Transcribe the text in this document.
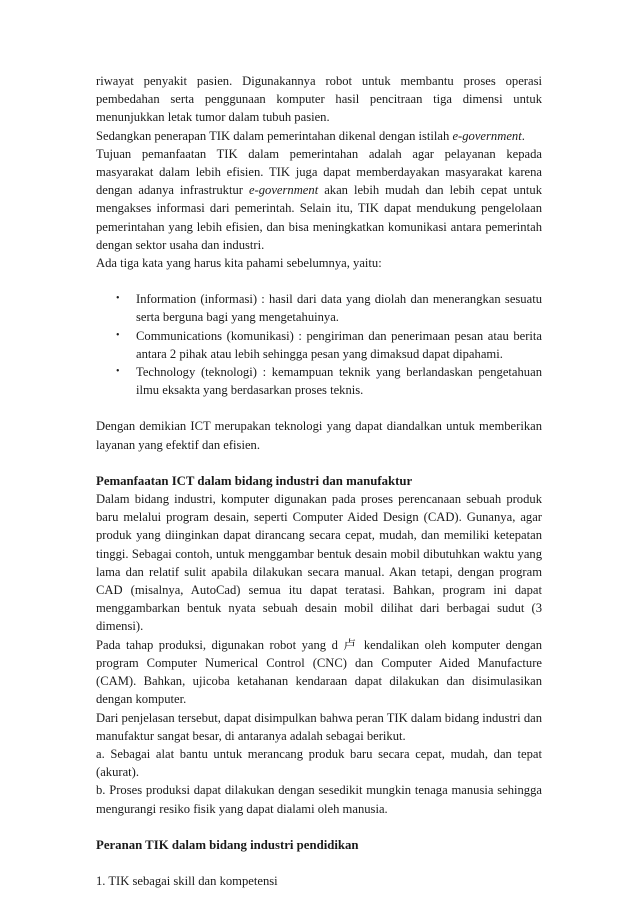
riwayat penyakit pasien. Digunakannya robot untuk membantu proses operasi pembedahan serta penggunaan komputer hasil pencitraan tiga dimensi untuk menunjukkan letak tumor dalam tubuh pasien.

Sedangkan penerapan TIK dalam pemerintahan dikenal dengan istilah e-government.

Tujuan pemanfaatan TIK dalam pemerintahan adalah agar pelayanan kepada masyarakat dalam lebih efisien. TIK juga dapat memberdayakan masyarakat karena dengan adanya infrastruktur e-government akan lebih mudah dan lebih cepat untuk mengakses informasi dari pemerintah. Selain itu, TIK dapat mendukung pengelolaan pemerintahan yang lebih efisien, dan bisa meningkatkan komunikasi antara pemerintah dengan sektor usaha dan industri.

Ada tiga kata yang harus kita pahami sebelumnya, yaitu:

• Information (informasi) : hasil dari data yang diolah dan menerangkan sesuatu serta berguna bagi yang mengetahuinya.
• Communications (komunikasi) : pengiriman dan penerimaan pesan atau berita antara 2 pihak atau lebih sehingga pesan yang dimaksud dapat dipahami.
• Technology (teknologi) : kemampuan teknik yang berlandaskan pengetahuan ilmu eksakta yang berdasarkan proses teknis.

Dengan demikian ICT merupakan teknologi yang dapat diandalkan untuk memberikan layanan yang efektif dan efisien.

Pemanfaatan ICT dalam bidang industri dan manufaktur

Dalam bidang industri, komputer digunakan pada proses perencanaan sebuah produk baru melalui program desain, seperti Computer Aided Design (CAD). Gunanya, agar produk yang diinginkan dapat dirancang secara cepat, mudah, dan memiliki ketepatan tinggi. Sebagai contoh, untuk menggambar bentuk desain mobil dibutuhkan waktu yang lama dan relatif sulit apabila dilakukan secara manual. Akan tetapi, dengan program CAD (misalnya, AutoCad) semua itu dapat teratasi. Bahkan, program ini dapat menggambarkan bentuk nyata sebuah desain mobil dilihat dari berbagai sudut (3 dimensi).

Pada tahap produksi, digunakan robot yang d 卢 kendalikan oleh komputer dengan program Computer Numerical Control (CNC) dan Computer Aided Manufacture (CAM). Bahkan, ujicoba ketahanan kendaraan dapat dilakukan dan disimulasikan dengan komputer.

Dari penjelasan tersebut, dapat disimpulkan bahwa peran TIK dalam bidang industri dan manufaktur sangat besar, di antaranya adalah sebagai berikut.

a. Sebagai alat bantu untuk merancang produk baru secara cepat, mudah, dan tepat (akurat).

b. Proses produksi dapat dilakukan dengan sesedikit mungkin tenaga manusia sehingga mengurangi resiko fisik yang dapat dialami oleh manusia.

Peranan TIK dalam bidang industri pendidikan

1. TIK sebagai skill dan kompetensi
